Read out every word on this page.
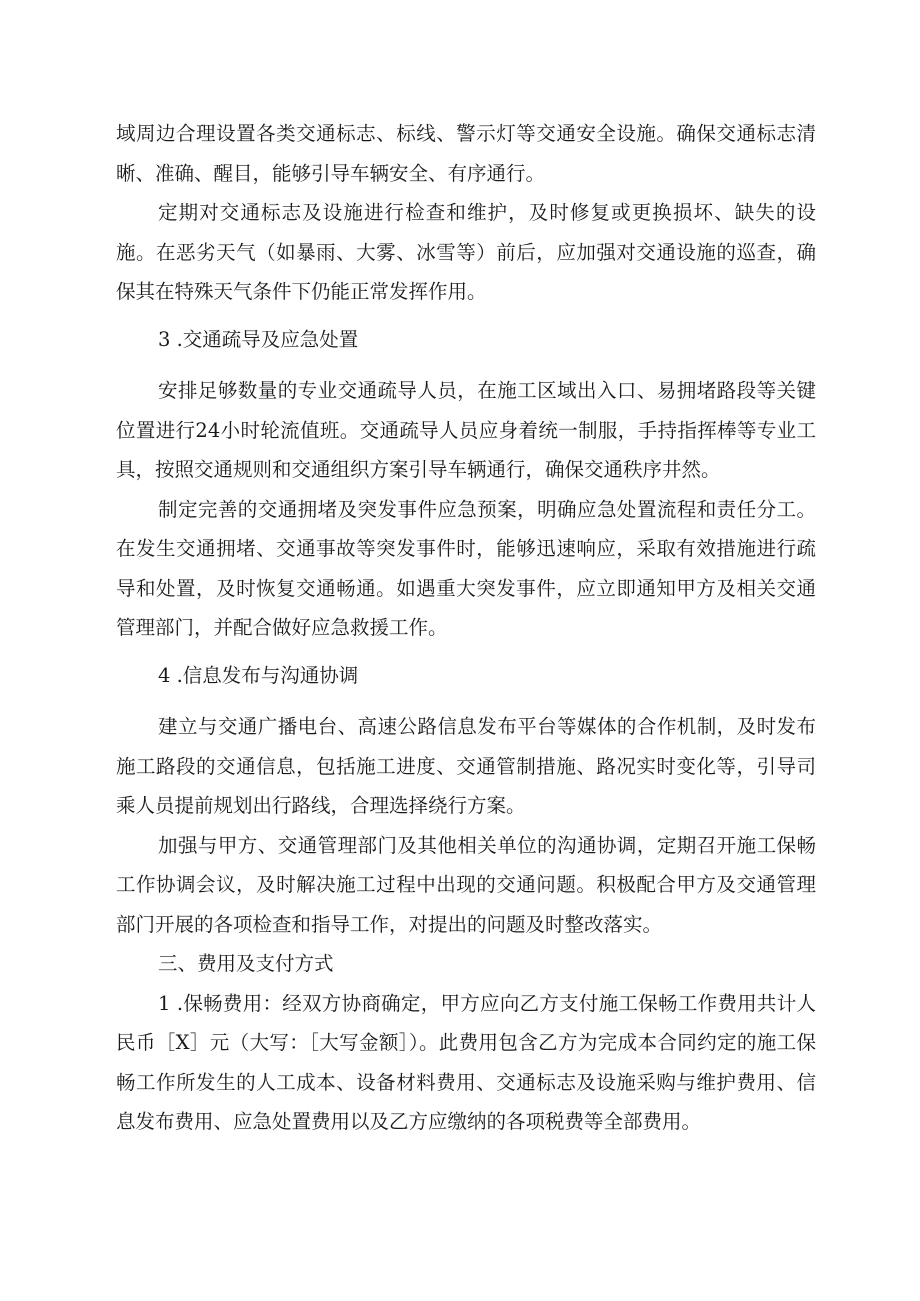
域周边合理设置各类交通标志、标线、警示灯等交通安全设施。确保交通标志清晰、准确、醒目，能够引导车辆安全、有序通行。

定期对交通标志及设施进行检查和维护，及时修复或更换损坏、缺失的设施。在恶劣天气（如暴雨、大雾、冰雪等）前后，应加强对交通设施的巡查，确保其在特殊天气条件下仍能正常发挥作用。

3 .交通疏导及应急处置

安排足够数量的专业交通疏导人员，在施工区域出入口、易拥堵路段等关键位置进行24小时轮流值班。交通疏导人员应身着统一制服，手持指挥棒等专业工具，按照交通规则和交通组织方案引导车辆通行，确保交通秩序井然。

制定完善的交通拥堵及突发事件应急预案，明确应急处置流程和责任分工。在发生交通拥堵、交通事故等突发事件时，能够迅速响应，采取有效措施进行疏导和处置，及时恢复交通畅通。如遇重大突发事件，应立即通知甲方及相关交通管理部门，并配合做好应急救援工作。

4 .信息发布与沟通协调

建立与交通广播电台、高速公路信息发布平台等媒体的合作机制，及时发布施工路段的交通信息，包括施工进度、交通管制措施、路况实时变化等，引导司乘人员提前规划出行路线，合理选择绕行方案。

加强与甲方、交通管理部门及其他相关单位的沟通协调，定期召开施工保畅工作协调会议，及时解决施工过程中出现的交通问题。积极配合甲方及交通管理部门开展的各项检查和指导工作，对提出的问题及时整改落实。

三、费用及支付方式

1 .保畅费用：经双方协商确定，甲方应向乙方支付施工保畅工作费用共计人民币［X］元（大写：［大写金额］）。此费用包含乙方为完成本合同约定的施工保畅工作所发生的人工成本、设备材料费用、交通标志及设施采购与维护费用、信息发布费用、应急处置费用以及乙方应缴纳的各项税费等全部费用。
